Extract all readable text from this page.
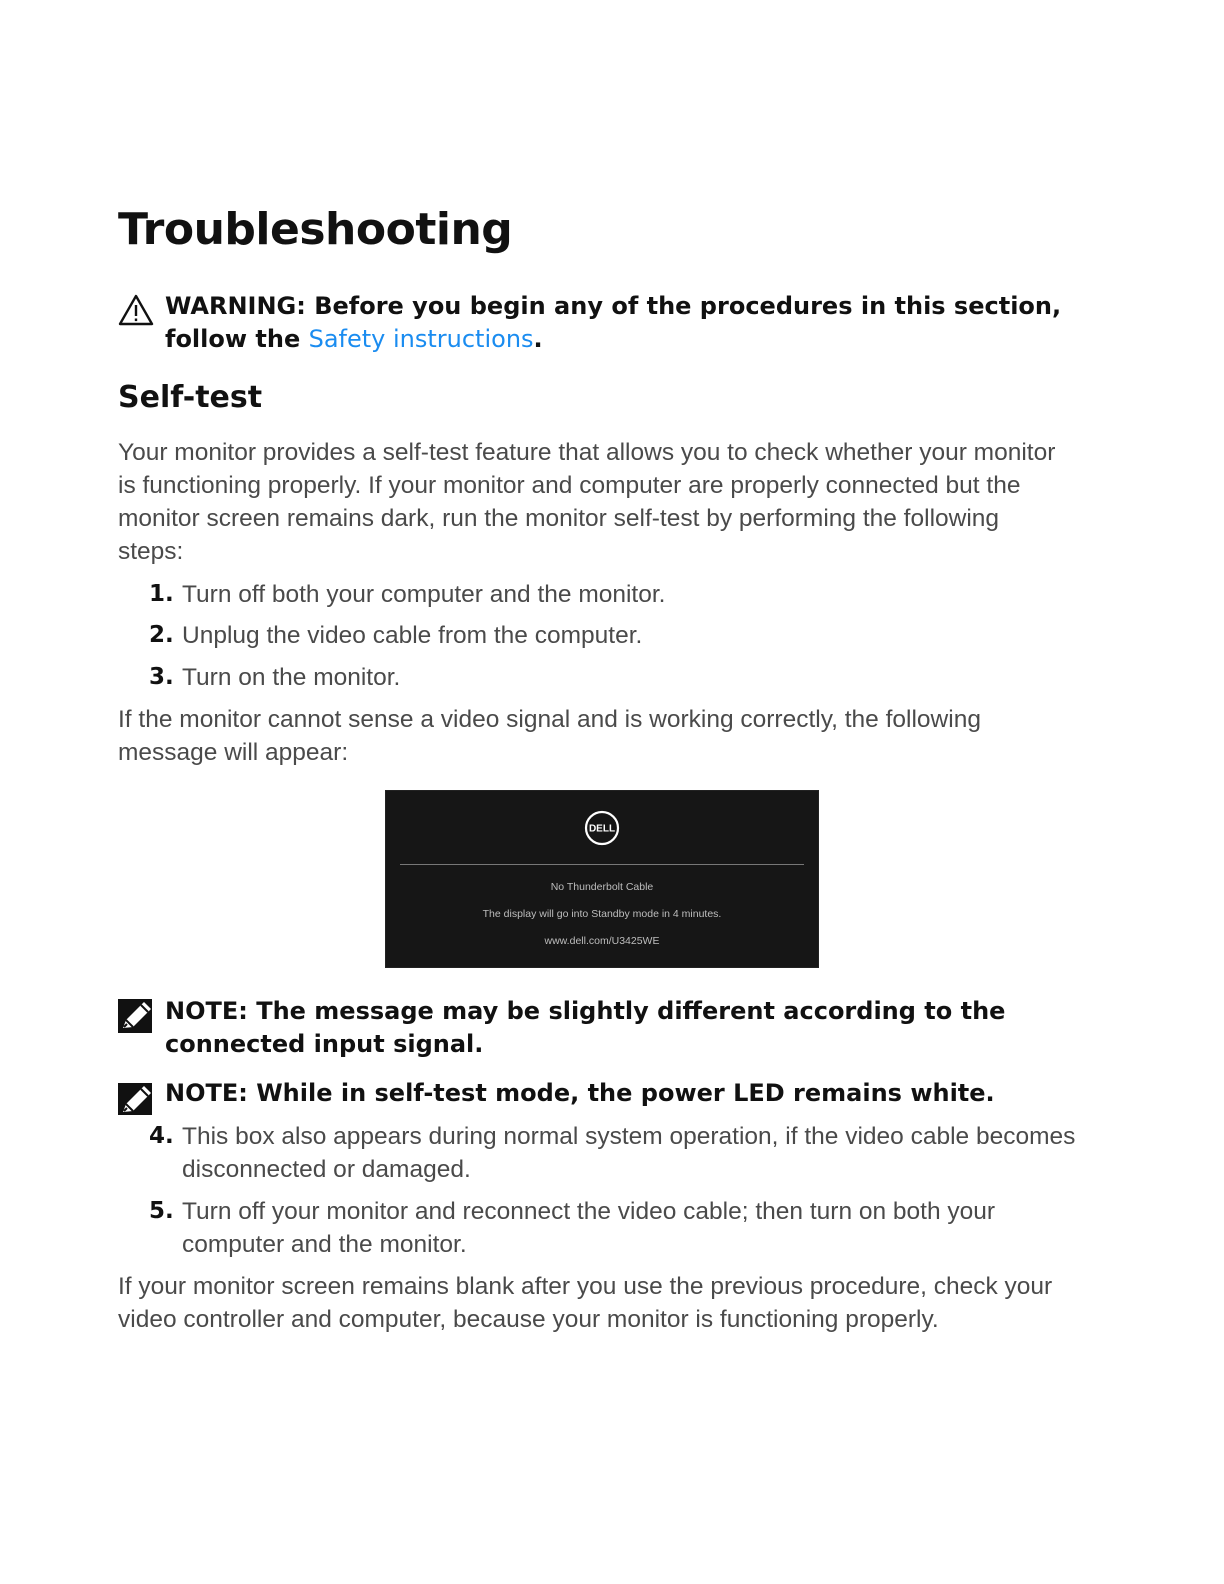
Troubleshooting
WARNING: Before you begin any of the procedures in this section, follow the Safety instructions.
Self-test

Your monitor provides a self-test feature that allows you to check whether your monitor is functioning properly. If your monitor and computer are properly connected but the monitor screen remains dark, run the monitor self-test by performing the following steps:

1. Turn off both your computer and the monitor.
2. Unplug the video cable from the computer.
3. Turn on the monitor.

If the monitor cannot sense a video signal and is working correctly, the following message will appear:

DELL
No Thunderbolt Cable
The display will go into Standby mode in 4 minutes.
www.dell.com/U3425WE
NOTE: The message may be slightly different according to the connected input signal.
NOTE: While in self-test mode, the power LED remains white.
4. This box also appears during normal system operation, if the video cable becomes disconnected or damaged.
5. Turn off your monitor and reconnect the video cable; then turn on both your computer and the monitor.

If your monitor screen remains blank after you use the previous procedure, check your video controller and computer, because your monitor is functioning properly.
